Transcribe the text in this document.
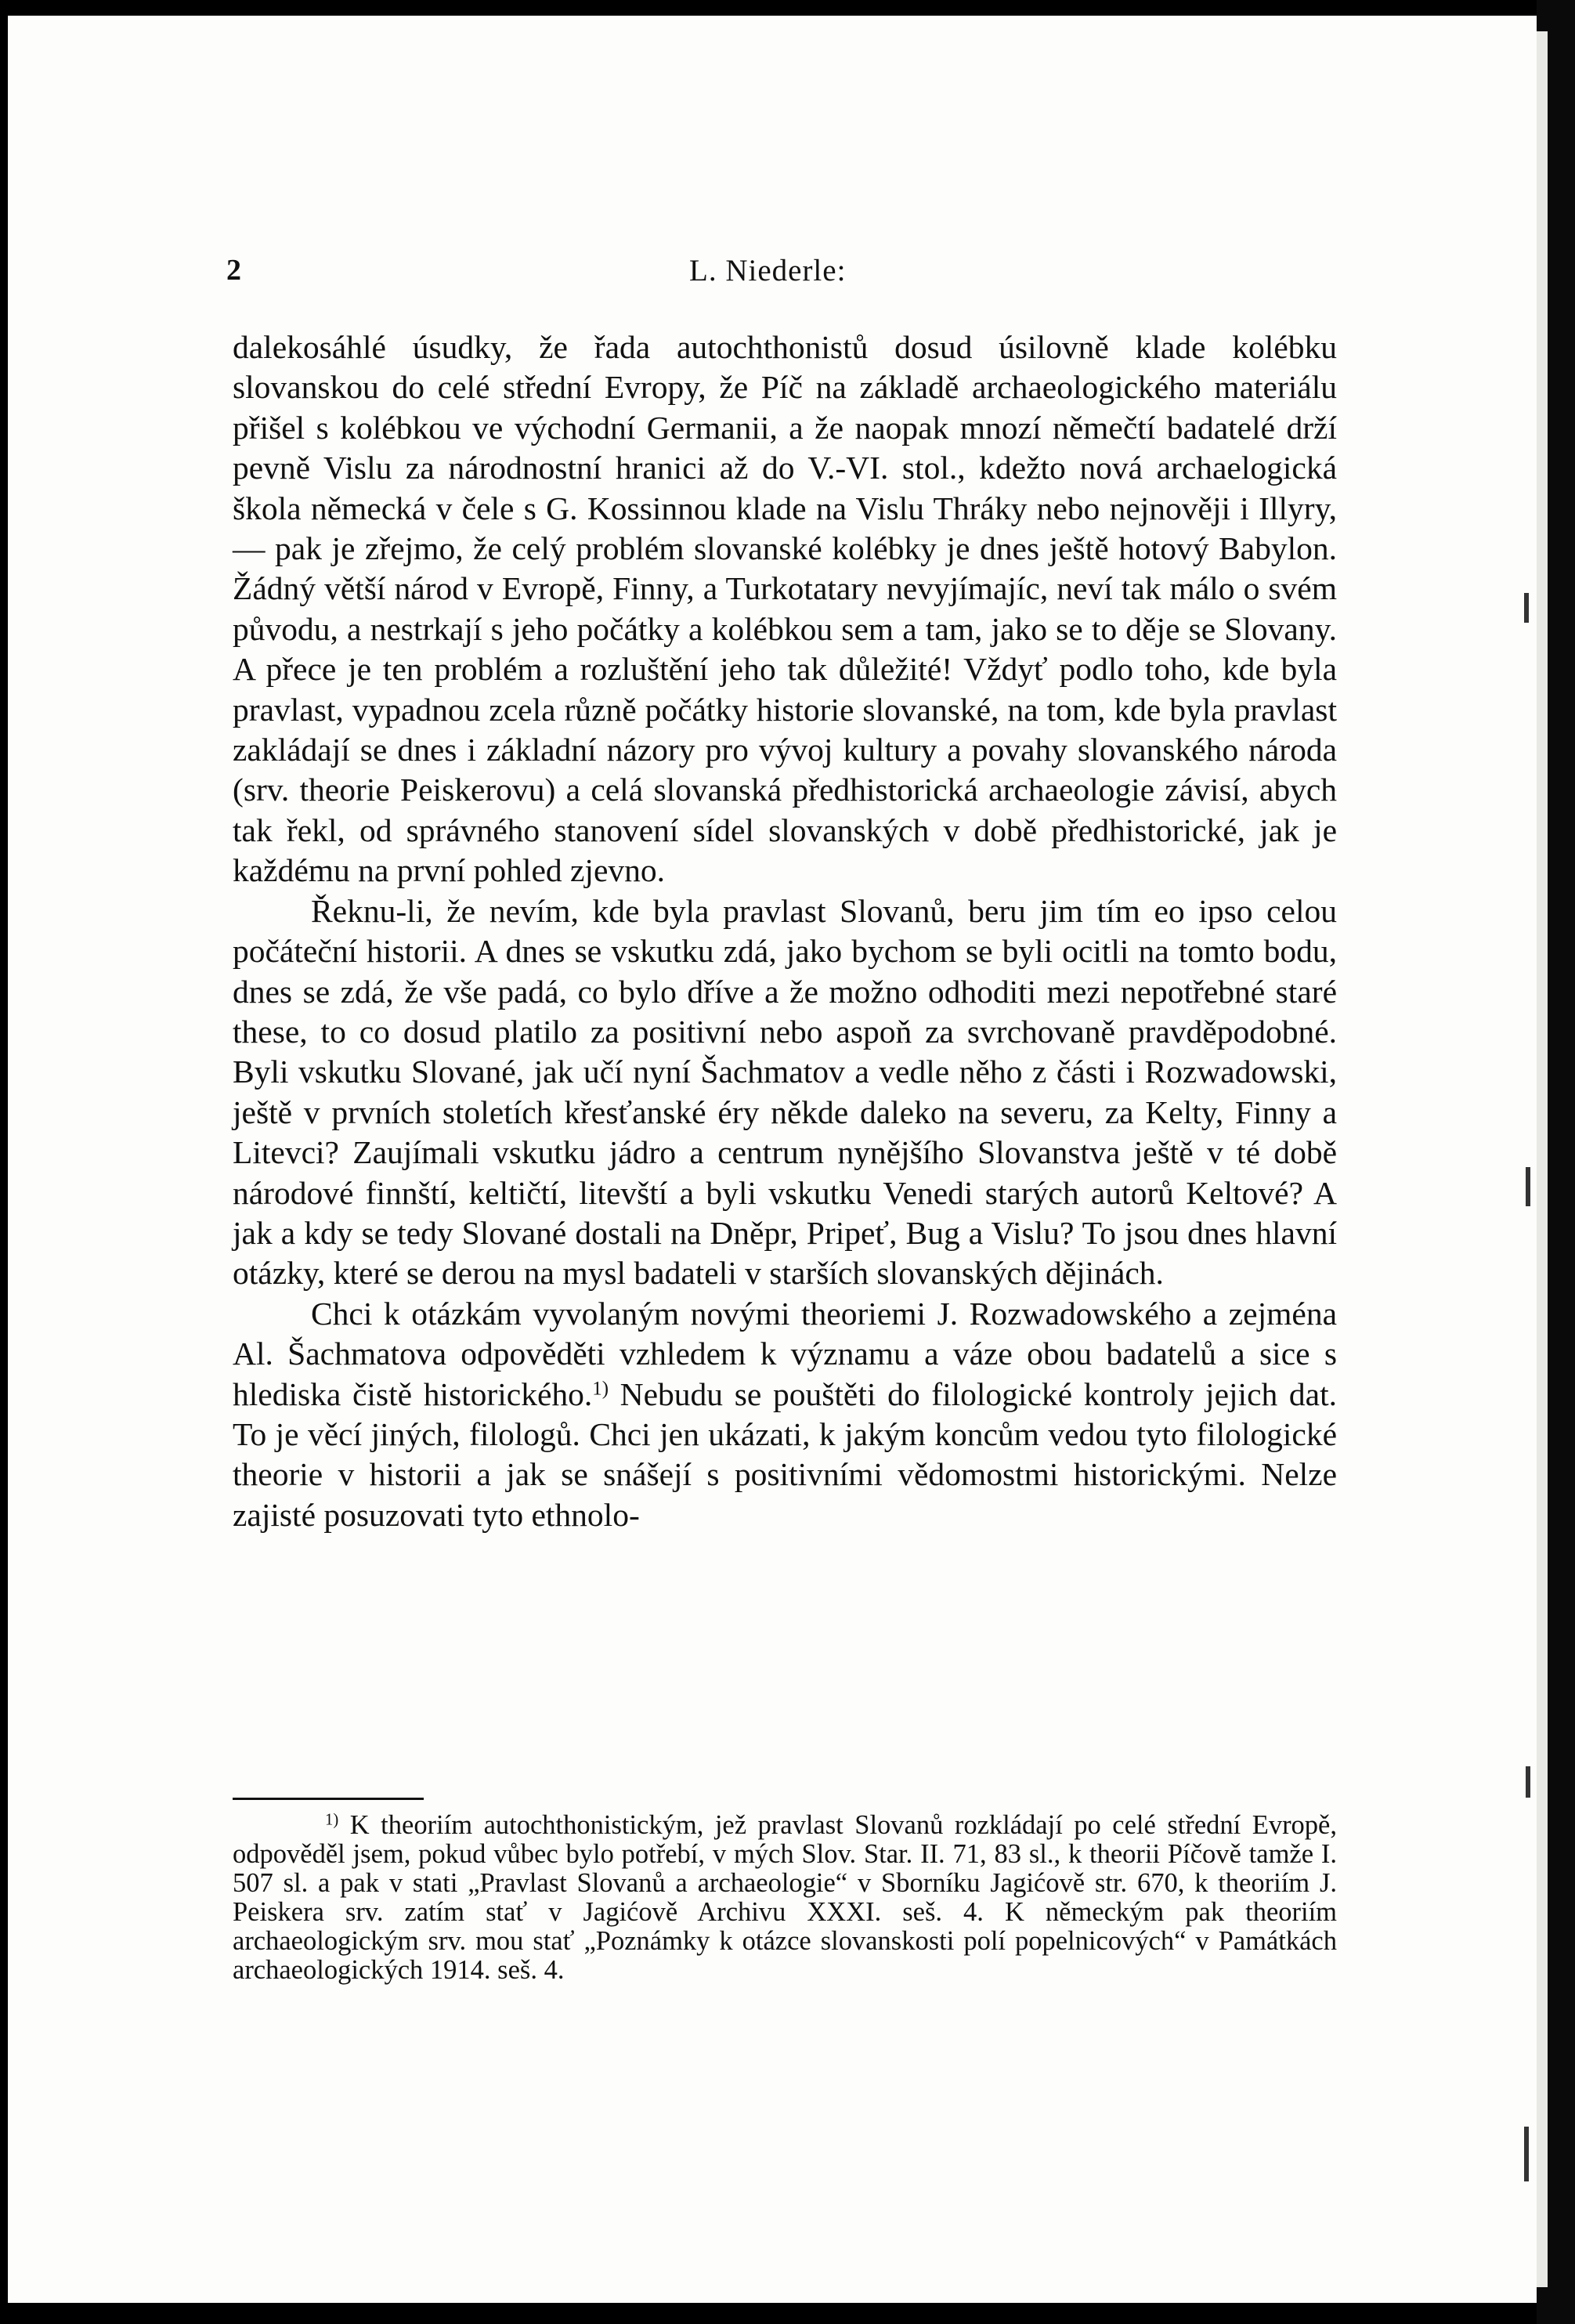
2	L. Niederle:

dalekosáhlé úsudky, že řada autochthonistů dosud úsilovně klade kolébku slovanskou do celé střední Evropy, že Píč na základě archaeologického materiálu přišel s kolébkou ve východní Germanii, a že naopak mnozí němečtí badatelé drží pevně Vislu za národnostní hranici až do V.-VI. stol., kdežto nová archaelogická škola německá v čele s G. Kossinnou klade na Vislu Thráky nebo nejnověji i Illyry, — pak je zřejmo, že celý problém slovanské kolébky je dnes ještě hotový Babylon. Žádný větší národ v Evropě, Finny, a Turkotatary nevyjímajíc, neví tak málo o svém původu, a nestrkají s jeho počátky a kolébkou sem a tam, jako se to děje se Slovany. A přece je ten problém a rozluštění jeho tak důležité! Vždyť podlo toho, kde byla pravlast, vypadnou zcela různě počátky historie slovanské, na tom, kde byla pravlast zakládají se dnes i základní názory pro vývoj kultury a povahy slovanského národa (srv. theorie Peiskerovu) a celá slovanská předhistorická archaeologie závisí, abych tak řekl, od správného stanovení sídel slovanských v době předhistorické, jak je každému na první pohled zjevno.

Řeknu-li, že nevím, kde byla pravlast Slovanů, beru jim tím eo ipso celou počáteční historii. A dnes se vskutku zdá, jako bychom se byli ocitli na tomto bodu, dnes se zdá, že vše padá, co bylo dříve a že možno odhoditi mezi nepotřebné staré these, to co dosud platilo za positivní nebo aspoň za svrchovaně pravděpodobné. Byli vskutku Slované, jak učí nyní Šachmatov a vedle něho z části i Rozwadowski, ještě v prvních stoletích křesťanské éry někde daleko na severu, za Kelty, Finny a Litevci? Zaujímali vskutku jádro a centrum nynějšího Slovanstva ještě v té době národové finnští, keltičtí, litevští a byli vskutku Venedi starých autorů Keltové? A jak a kdy se tedy Slované dostali na Dněpr, Pripeť, Bug a Vislu? To jsou dnes hlavní otázky, které se derou na mysl badateli v starších slovanských dějinách.

Chci k otázkám vyvolaným novými theoriemi J. Rozwadowského a zejména Al. Šachmatova odpověděti vzhledem k významu a váze obou badatelů a sice s hlediska čistě historického.$^{1)}$ Nebudu se pouštěti do filologické kontroly jejich dat. To je věcí jiných, filologů. Chci jen ukázati, k jakým koncům vedou tyto filologické theorie v historii a jak se snášejí s positivními vědomostmi historickými. Nelze zajisté posuzovati tyto ethnolo-

$^{1)}$ K theoriím autochthonistickým, jež pravlast Slovanů rozkládají po celé střední Evropě, odpověděl jsem, pokud vůbec bylo potřebí, v mých Slov. Star. II. 71, 83 sl., k theorii Píčově tamže I. 507 sl. a pak v stati „Pravlast Slovanů a archaeologie“ v Sborníku Jagićově str. 670, k theoriím J. Peiskera srv. zatím stať v Jagićově Archivu XXXI. seš. 4. K německým pak theoriím archaeologickým srv. mou stať „Poznámky k otázce slovanskosti polí popelnicových“ v Památkách archaeologických 1914. seš. 4.
